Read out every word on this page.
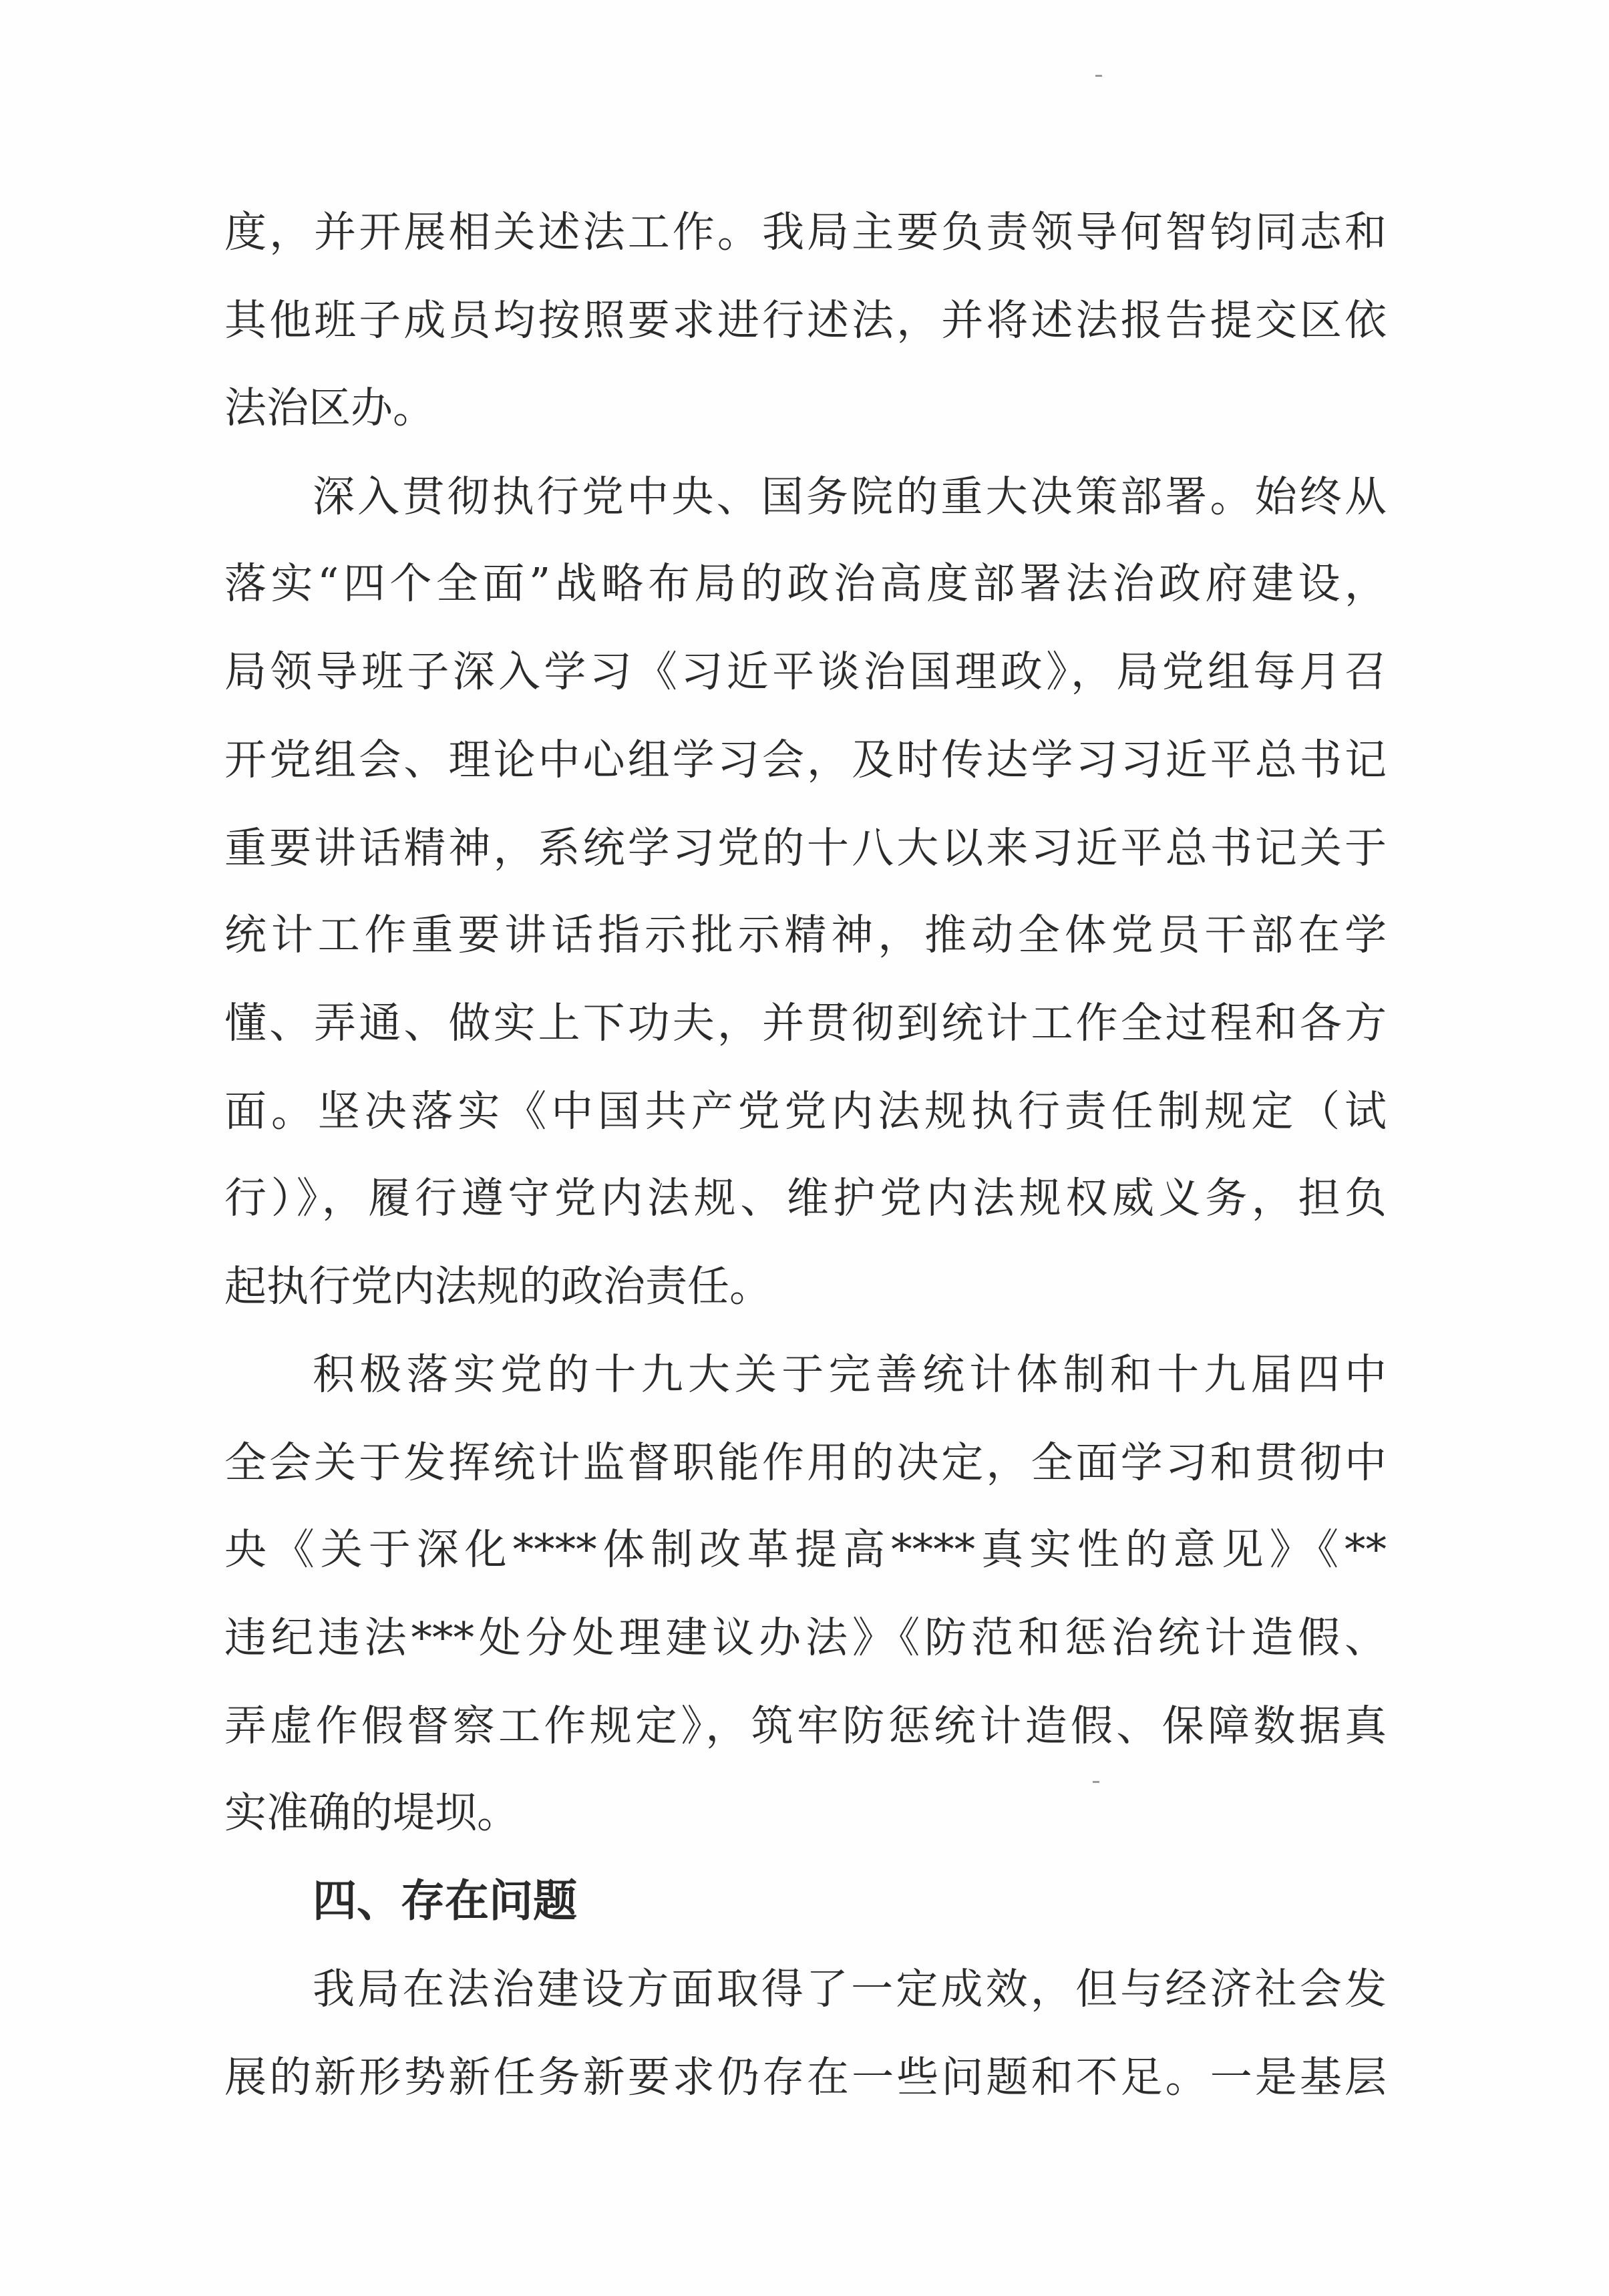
度，并开展相关述法工作。我局主要负责领导何智钧同志和
其他班子成员均按照要求进行述法，并将述法报告提交区依
法治区办。
深入贯彻执行党中央、国务院的重大决策部署。始终从
落实“四个全面”战略布局的政治高度部署法治政府建设，
局领导班子深入学习《习近平谈治国理政》，局党组每月召
开党组会、理论中心组学习会，及时传达学习习近平总书记
重要讲话精神，系统学习党的十八大以来习近平总书记关于
统计工作重要讲话指示批示精神，推动全体党员干部在学
懂、弄通、做实上下功夫，并贯彻到统计工作全过程和各方
面。坚决落实《中国共产党党内法规执行责任制规定（试
行）》，履行遵守党内法规、维护党内法规权威义务，担负
起执行党内法规的政治责任。
积极落实党的十九大关于完善统计体制和十九届四中
全会关于发挥统计监督职能作用的决定，全面学习和贯彻中
央《关于深化****体制改革提高****真实性的意见》《**
违纪违法***处分处理建议办法》《防范和惩治统计造假、
弄虚作假督察工作规定》，筑牢防惩统计造假、保障数据真
实准确的堤坝。
四、存在问题
我局在法治建设方面取得了一定成效，但与经济社会发
展的新形势新任务新要求仍存在一些问题和不足。一是基层
